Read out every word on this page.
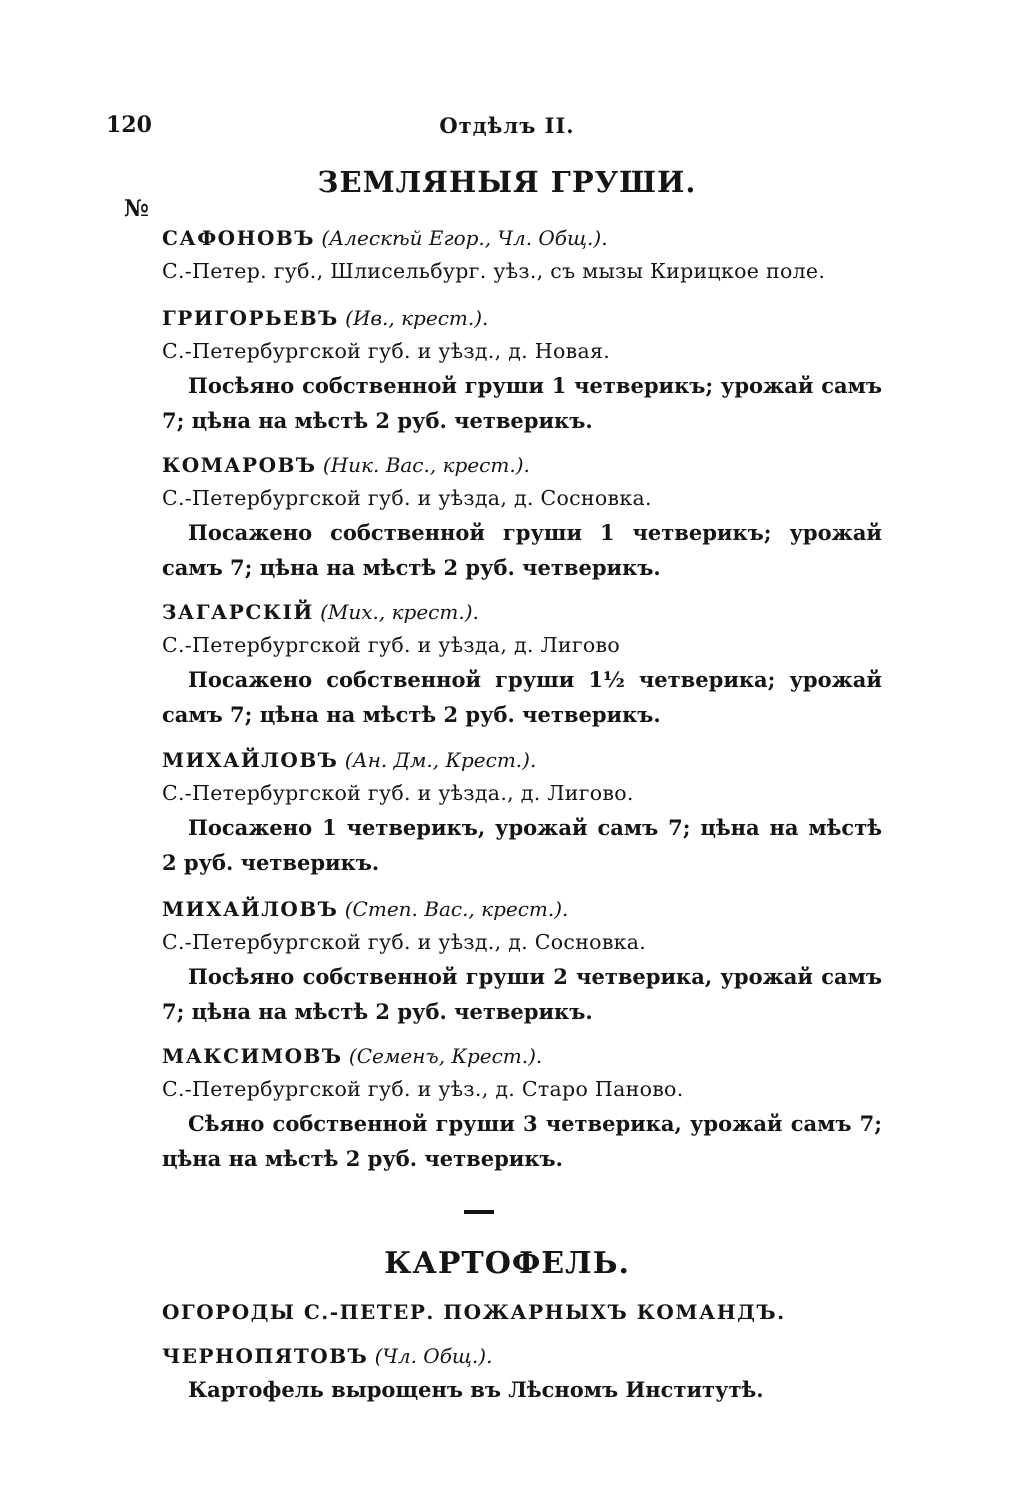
120	Отдѣлъ II.
ЗЕМЛЯНЫЯ ГРУШИ.
№
САФОНОВЪ (Алескѣй Егор., Чл. Общ.).
С.-Петер. губ., Шлисельбург. уѣз., съ мызы Кирицкое поле.
ГРИГОРЬЕВЪ (Ив., крест.).
С.-Петербургской губ. и уѣзд., д. Новая.
Посѣяно собственной груши 1 четверикъ; урожай самъ 7; цѣна на мѣстѣ 2 руб. четверикъ.
КОМАРОВЪ (Ник. Вас., крест.).
С.-Петербургской губ. и уѣзда, д. Сосновка.
Посажено собственной груши 1 четверикъ; урожай самъ 7; цѣна на мѣстѣ 2 руб. четверикъ.
ЗАГАРСКІЙ (Мих., крест.).
С.-Петербургской губ. и уѣзда, д. Лигово
Посажено собственной груши 1½ четверика; урожай самъ 7; цѣна на мѣстѣ 2 руб. четверикъ.
МИХАЙЛОВЪ (Ан. Дм., Крест.).
С.-Петербургской губ. и уѣзда., д. Лигово.
Посажено 1 четверикъ, урожай самъ 7; цѣна на мѣстѣ 2 руб. четверикъ.
МИХАЙЛОВЪ (Степ. Вас., крест.).
С.-Петербургской губ. и уѣзд., д. Сосновка.
Посѣяно собственной груши 2 четверика, урожай самъ 7; цѣна на мѣстѣ 2 руб. четверикъ.
МАКСИМОВЪ (Семенъ, Крест.).
С.-Петербургской губ. и уѣз., д. Старо Паново.
Сѣяно собственной груши 3 четверика, урожай самъ 7; цѣна на мѣстѣ 2 руб. четверикъ.
КАРТОФЕЛЬ.
ОГОРОДЫ С.-ПЕТЕР. ПОЖАРНЫХЪ КОМАНДЪ.
ЧЕРНОПЯТОВЪ (Чл. Общ.).
Картофель вырощенъ въ Лѣсномъ Институтѣ.
